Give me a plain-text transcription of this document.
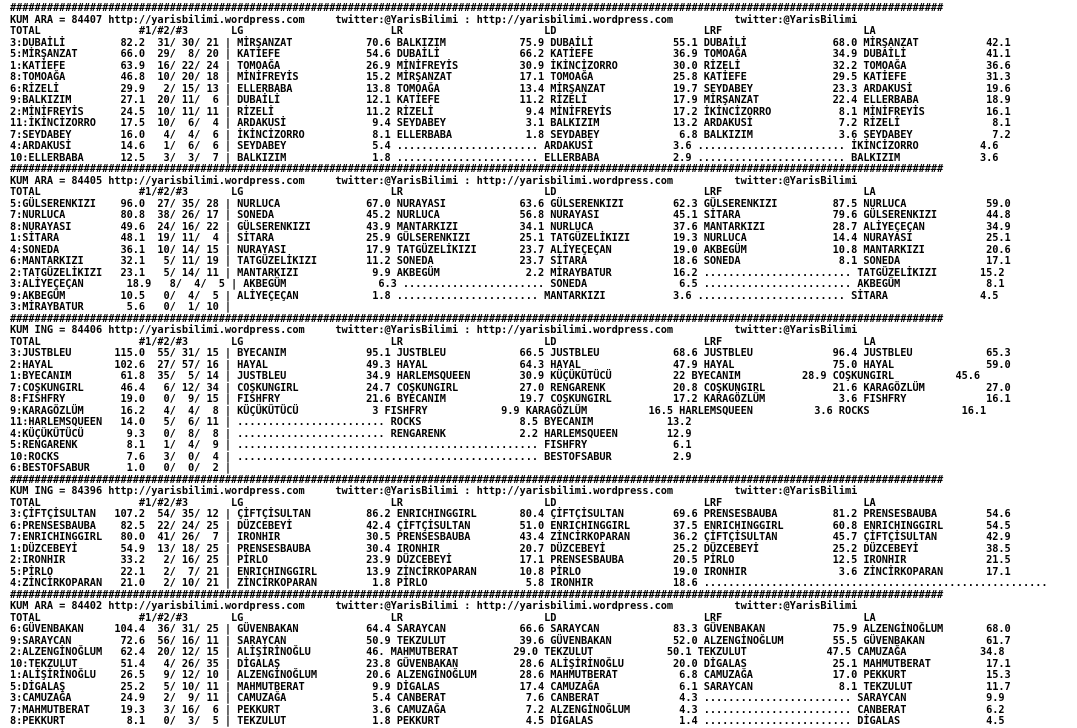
########################################################################################################################################################
KUM ARA = 84407 http://yarisbilimi.wordpress.com     twitter:@YarisBilimi : http://yarisbilimi.wordpress.com          twitter:@YarisBilimi
TOTAL                #1/#2/#3       LG                        LR                       LD                        LRF                       LA
3:DUBAİLİ         82.2  31/ 30/ 21 | MİRŞANZAT            70.6 BALKIZIM            75.9 DUBAİLİ             55.1 DUBAİLİ              68.0 MİRŞANZAT           42.1
5:MİRŞANZAT       66.0  29/  8/ 20 | KATİEFE              54.6 DUBAİLİ             66.2 KATİEFE             36.9 TOMOAĞA              34.9 DUBAİLİ             41.1
1:KATİEFE         63.9  16/ 22/ 24 | TOMOAĞA              26.9 MİNİFREYİS          30.9 İKİNCİZORRO         30.0 RİZELİ               32.2 TOMOAĞA             36.6
8:TOMOAĞA         46.8  10/ 20/ 18 | MİNİFREYİS           15.2 MİRŞANZAT           17.1 TOMOAĞA             25.8 KATİEFE              29.5 KATİEFE             31.3
6:RİZELİ          29.9   2/ 15/ 13 | ELLERBABA            13.8 TOMOAĞA             13.4 MİRŞANZAT           19.7 SEYDABEY             23.3 ARDAKUSİ            19.6
9:BALKIZIM        27.1  20/ 11/  6 | DUBAİLİ              12.1 KATİEFE             11.2 RİZELİ              17.9 MİRŞANZAT            22.4 ELLERBABA           18.9
2:MİNİFREYİS      24.5  10/ 11/ 11 | RİZELİ               11.2 RİZELİ               9.4 MİNİFREYİS          17.2 İKİNCİZORRO           8.1 MİNİFREYİS          16.1
11:İKİNCİZORRO    17.5  10/  6/  4 | ARDAKUSİ              9.4 SEYDABEY             3.1 BALKIZIM            13.2 ARDAKUSİ              7.2 RİZELİ               8.1
7:SEYDABEY        16.0   4/  4/  6 | İKİNCİZORRO           8.1 ELLERBABA            1.8 SEYDABEY             6.8 BALKIZIM              3.6 SEYDABEY             7.2
4:ARDAKUSİ        14.6   1/  6/  6 | SEYDABEY              5.4 ....................... ARDAKUSİ             3.6 ........................ İKİNCİZORRO          4.6
10:ELLERBABA      12.5   3/  3/  7 | BALKIZIM              1.8 ....................... ELLERBABA            2.9 ........................ BALKIZIM             3.6
########################################################################################################################################################
KUM ARA = 84405 http://yarisbilimi.wordpress.com     twitter:@YarisBilimi : http://yarisbilimi.wordpress.com          twitter:@YarisBilimi
TOTAL                #1/#2/#3       LG                        LR                       LD                        LRF                       LA
5:GÜLSERENKIZI    96.0  27/ 35/ 28 | NURLUCA              67.0 NURAYASI            63.6 GÜLSERENKIZI        62.3 GÜLSERENKIZI         87.5 NURLUCA             59.0
7:NURLUCA         80.8  38/ 26/ 17 | SONEDA               45.2 NURLUCA             56.8 NURAYASI            45.1 SİTARA               79.6 GÜLSERENKIZI        44.8
8:NURAYASI        49.6  24/ 16/ 22 | GÜLSERENKIZI         43.9 MANTARKIZI          34.1 NURLUCA             37.6 MANTARKIZI           28.7 ALİYEÇEÇAN          34.9
1:SİTARA          48.1  19/ 11/  4 | SİTARA               25.9 GÜLSERENKIZI        25.1 TATGÜZELİKIZI       19.3 NURLUCA              14.4 NURAYASI            25.1
4:SONEDA          36.1  10/ 14/ 15 | NURAYASI             17.9 TATGÜZELİKIZI       23.7 ALİYEÇEÇAN          19.0 AKBEGÜM              10.8 MANTARKIZI          20.6
6:MANTARKIZI      32.1   5/ 11/ 19 | TATGÜZELİKIZI        11.2 SONEDA              23.7 SİTARA              18.6 SONEDA                8.1 SONEDA              17.1
2:TATGÜZELİKIZI   23.1   5/ 14/ 11 | MANTARKIZI            9.9 AKBEGÜM              2.2 MİRAYBATUR          16.2 ........................ TATGÜZELİKIZI       15.2
3:ALİYEÇEÇAN       18.9   8/  4/  5 | AKBEGÜM               6.3 ....................... SONEDA               6.5 ........................ AKBEGÜM              8.1
9:AKBEGÜM         10.5   0/  4/  5 | ALİYEÇEÇAN            1.8 ....................... MANTARKIZI           3.6 ........................ SİTARA               4.5
3:MİRAYBATUR       5.6   0/  1/ 10 |
########################################################################################################################################################
KUM ING = 84406 http://yarisbilimi.wordpress.com     twitter:@YarisBilimi : http://yarisbilimi.wordpress.com          twitter:@YarisBilimi
TOTAL                #1/#2/#3       LG                        LR                       LD                        LRF                       LA
3:JUSTBLEU       115.0  55/ 31/ 15 | BYECANIM             95.1 JUSTBLEU            66.5 JUSTBLEU            68.6 JUSTBLEU             96.4 JUSTBLEU            65.3
2:HAYAL          102.6  27/ 57/ 16 | HAYAL                49.3 HAYAL               64.3 HAYAL               47.9 HAYAL                75.0 HAYAL               59.0
1:BYECANIM        61.8  35/  5/ 14 | JUSTBLEU             34.9 HARLEMSQUEEN        30.9 KÜÇÜKÜTÜCÜ          22 BYECANIM          28.9 COŞKUNGIRL          45.6
7:COŞKUNGIRL      46.4   6/ 12/ 34 | COŞKUNGIRL           24.7 COŞKUNGIRL          27.0 RENGARENK           20.8 COŞKUNGIRL           21.6 KARAGÖZLÜM          27.0
8:FISHFRY         19.0   0/  9/ 15 | FISHFRY              21.6 BYECANIM            19.7 COŞKUNGIRL          17.2 KARAGÖZLÜM            3.6 FISHFRY             16.1
9:KARAGÖZLÜM      16.2   4/  4/  8 | KÜÇÜKÜTÜCÜ            3 FISHFRY            9.9 KARAGÖZLÜM          16.5 HARLEMSQUEEN          3.6 ROCKS               16.1
11:HARLEMSQUEEN   14.0   5/  6/ 11 | ........................ ROCKS                8.5 BYECANIM            13.2
4:KÜÇÜKÜTÜCÜ       9.3   0/  8/  8 | ........................ RENGARENK            2.2 HARLEMSQUEEN        12.9
5:RENGARENK        8.1   1/  4/  9 | ................................................. FISHFRY              6.1
10:ROCKS           7.6   3/  0/  4 | ................................................. BESTOFSABUR          2.9
6:BESTOFSABUR      1.0   0/  0/  2 |
########################################################################################################################################################
KUM ING = 84396 http://yarisbilimi.wordpress.com     twitter:@YarisBilimi : http://yarisbilimi.wordpress.com          twitter:@YarisBilimi
TOTAL                #1/#2/#3       LG                        LR                       LD                        LRF                       LA
3:ÇİFTÇİSULTAN   107.2  54/ 35/ 12 | ÇİFTÇİSULTAN         86.2 ENRICHINGGIRL       80.4 ÇİFTÇİSULTAN        69.6 PRENSESBAUBA         81.2 PRENSESBAUBA        54.6
6:PRENSESBAUBA    82.5  22/ 24/ 25 | DÜZCEBEYİ            42.4 ÇİFTÇİSULTAN        51.0 ENRICHINGGIRL       37.5 ENRICHINGGIRL        60.8 ENRICHINGGIRL       54.5
7:ENRICHINGGIRL   80.0  41/ 26/  7 | IRONHIR              30.5 PRENSESBAUBA        43.4 ZİNCİRKOPARAN       36.2 ÇİFTÇİSULTAN         45.7 ÇİFTÇİSULTAN        42.9
1:DÜZCEBEYİ       54.9  13/ 18/ 25 | PRENSESBAUBA         30.4 IRONHIR             20.7 DÜZCEBEYİ           25.2 DÜZCEBEYİ            25.2 DÜZCEBEYİ           38.5
2:IRONHIR         33.2   2/ 16/ 25 | PİRLO                23.9 DÜZCEBEYİ           17.1 PRENSESBAUBA        20.5 PİRLO                12.5 IRONHIR             21.5
5:PİRLO           22.1   2/  7/ 21 | ENRICHINGGIRL        13.9 ZİNCİRKOPARAN       10.8 PİRLO               19.0 IRONHIR               3.6 ZİNCİRKOPARAN       17.1
4:ZİNCİRKOPARAN   21.0   2/ 10/ 21 | ZİNCİRKOPARAN         1.8 PİRLO                5.8 IRONHIR             18.6 ........................................................
########################################################################################################################################################
KUM ARA = 84402 http://yarisbilimi.wordpress.com     twitter:@YarisBilimi : http://yarisbilimi.wordpress.com          twitter:@YarisBilimi
TOTAL                #1/#2/#3       LG                        LR                       LD                        LRF                       LA
6:GÜVENBAKAN     104.4  36/ 31/ 25 | GÜVENBAKAN           64.4 SARAYCAN            66.6 SARAYCAN            83.3 GÜVENBAKAN           75.9 ALZENGİNOĞLUM       68.0
9:SARAYCAN        72.6  56/ 16/ 11 | SARAYCAN             50.9 TEKZULUT            39.6 GÜVENBAKAN          52.0 ALZENGİNOĞLUM        55.5 GÜVENBAKAN          61.7
2:ALZENGİNOĞLUM   62.4  20/ 12/ 15 | ALİŞİRİNOĞLU         46. MAHMUTBERAT         29.0 TEKZULUT            50.1 TEKZULUT             47.5 CAMUZAĞA            34.8
10:TEKZULUT       51.4   4/ 26/ 35 | DİGALAŞ              23.8 GÜVENBAKAN          28.6 ALİŞİRİNOĞLU        20.0 DİGALAS              25.1 MAHMUTBERAT         17.1
1:ALİŞİRİNOĞLU    26.5   9/ 12/ 10 | ALZENGİNOĞLUM        20.6 ALZENGİNOĞLUM       28.6 MAHMUTBERAT          6.8 CAMUZAĞA             17.0 PEKKURT             15.3
5:DİGALAŞ         25.2   5/ 10/ 11 | MAHMUTBERAT           9.9 DİGALAS             17.4 CAMUZAĞA             6.1 SARAYCAN              8.1 TEKZULUT            11.7
3:CAMUZAĞA        24.9   2/  9/ 11 | CAMUZAĞA              5.4 CANBERAT             7.6 CANBERAT             4.3 ........................ SARAYCAN             9.9
7:MAHMUTBERAT     19.3   3/ 16/  6 | PEKKURT               3.6 CAMUZAĞA             7.2 ALZENGİNOĞLUM        4.3 ........................ CANBERAT             6.2
8:PEKKURT          8.1   0/  3/  5 | TEKZULUT              1.8 PEKKURT              4.5 DİGALAS              1.4 ........................ DİGALAS              4.5
